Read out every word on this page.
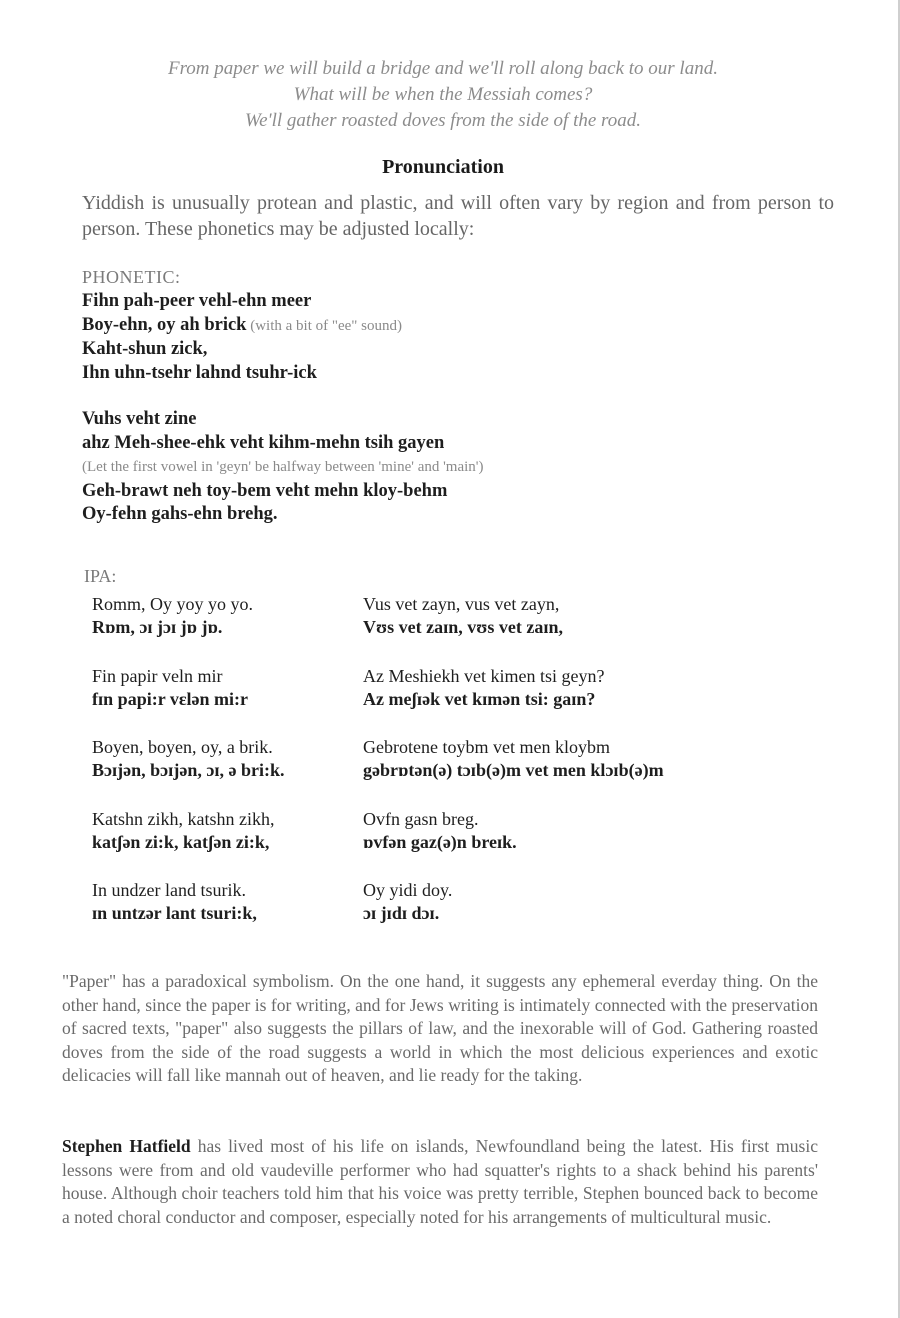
From paper we will build a bridge and we'll roll along back to our land.
What will be when the Messiah comes?
We'll gather roasted doves from the side of the road.
Pronunciation
Yiddish is unusually protean and plastic, and will often vary by region and from person to person. These phonetics may be adjusted locally:
PHONETIC:
Fihn pah-peer vehl-ehn meer
Boy-ehn, oy ah brick (with a bit of "ee" sound)
Kaht-shun zick,
Ihn uhn-tsehr lahnd tsuhr-ick
Vuhs veht zine
ahz Meh-shee-ehk veht kihm-mehn tsih gayen
(Let the first vowel in 'geyn' be halfway between 'mine' and 'main')
Geh-brawt neh toy-bem veht mehn kloy-behm
Oy-fehn gahs-ehn brehg.
IPA:
Romm, Oy yoy yo yo.
Rɒm, ɔɪ jɔɪ jɒ jɒ.
Fin papir veln mir
fɪn papi:r vɛlən mi:r
Boyen, boyen, oy, a brik.
Bɔɪjən, bɔɪjən, ɔɪ, ə bri:k.
Katshn zikh, katshn zikh,
katʃən zi:k, katʃən zi:k,
In undzer land tsurik.
ɪn untzər lant tsuri:k,
Vus vet zayn, vus vet zayn,
Vʊs vet zaɪn, vʊs vet zaɪn,
Az Meshiekh vet kimen tsi geyn?
Az meʃɪək vet kɪmən tsi: gaɪn?
Gebrotene toybm vet men kloybm
gəbrɒtən(ə) tɔɪb(ə)m vet men klɔɪb(ə)m
Ovfn gasn breg.
ɒvfən gaz(ə)n breɪk.
Oy yidi doy.
ɔɪ jɪdɪ dɔɪ.
"Paper" has a paradoxical symbolism. On the one hand, it suggests any ephemeral everday thing. On the other hand, since the paper is for writing, and for Jews writing is intimately connected with the preservation of sacred texts, "paper" also suggests the pillars of law, and the inexorable will of God. Gathering roasted doves from the side of the road suggests a world in which the most delicious experiences and exotic delicacies will fall like mannah out of heaven, and lie ready for the taking.
Stephen Hatfield has lived most of his life on islands, Newfoundland being the latest. His first music lessons were from and old vaudeville performer who had squatter's rights to a shack behind his parents' house. Although choir teachers told him that his voice was pretty terrible, Stephen bounced back to become a noted choral conductor and composer, especially noted for his arrangements of multicultural music.
